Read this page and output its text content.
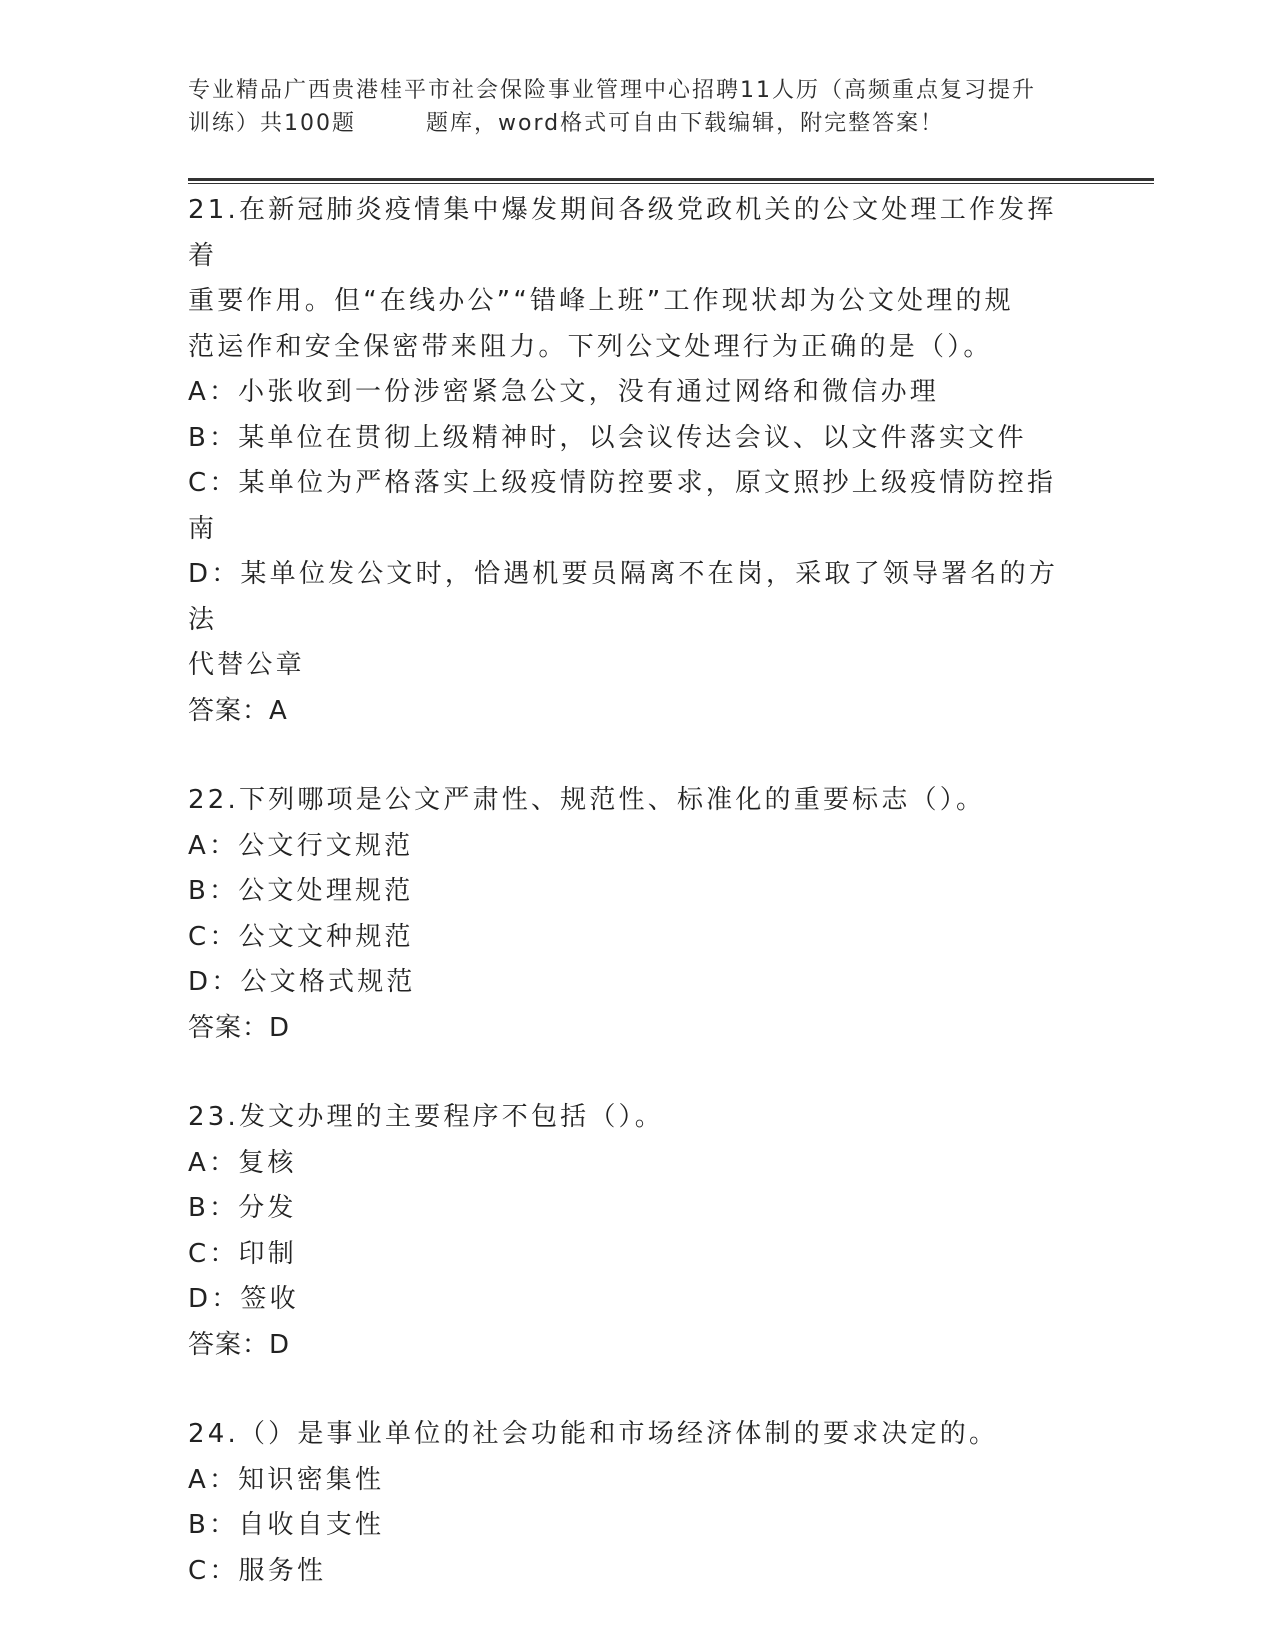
专业精品广西贵港桂平市社会保险事业管理中心招聘11人历（高频重点复习提升
训练）共100题	题库，word格式可自由下载编辑，附完整答案！
21.在新冠肺炎疫情集中爆发期间各级党政机关的公文处理工作发挥着
重要作用。但“在线办公”“错峰上班”工作现状却为公文处理的规
范运作和安全保密带来阻力。下列公文处理行为正确的是（）。
A：小张收到一份涉密紧急公文，没有通过网络和微信办理
B：某单位在贯彻上级精神时，以会议传达会议、以文件落实文件
C：某单位为严格落实上级疫情防控要求，原文照抄上级疫情防控指南
D：某单位发公文时，恰遇机要员隔离不在岗，采取了领导署名的方法
代替公章
答案：A
22.下列哪项是公文严肃性、规范性、标准化的重要标志（）。
A：公文行文规范
B：公文处理规范
C：公文文种规范
D：公文格式规范
答案：D
23.发文办理的主要程序不包括（）。
A：复核
B：分发
C：印制
D：签收
答案：D
24.（）是事业单位的社会功能和市场经济体制的要求决定的。
A：知识密集性
B：自收自支性
C：服务性
